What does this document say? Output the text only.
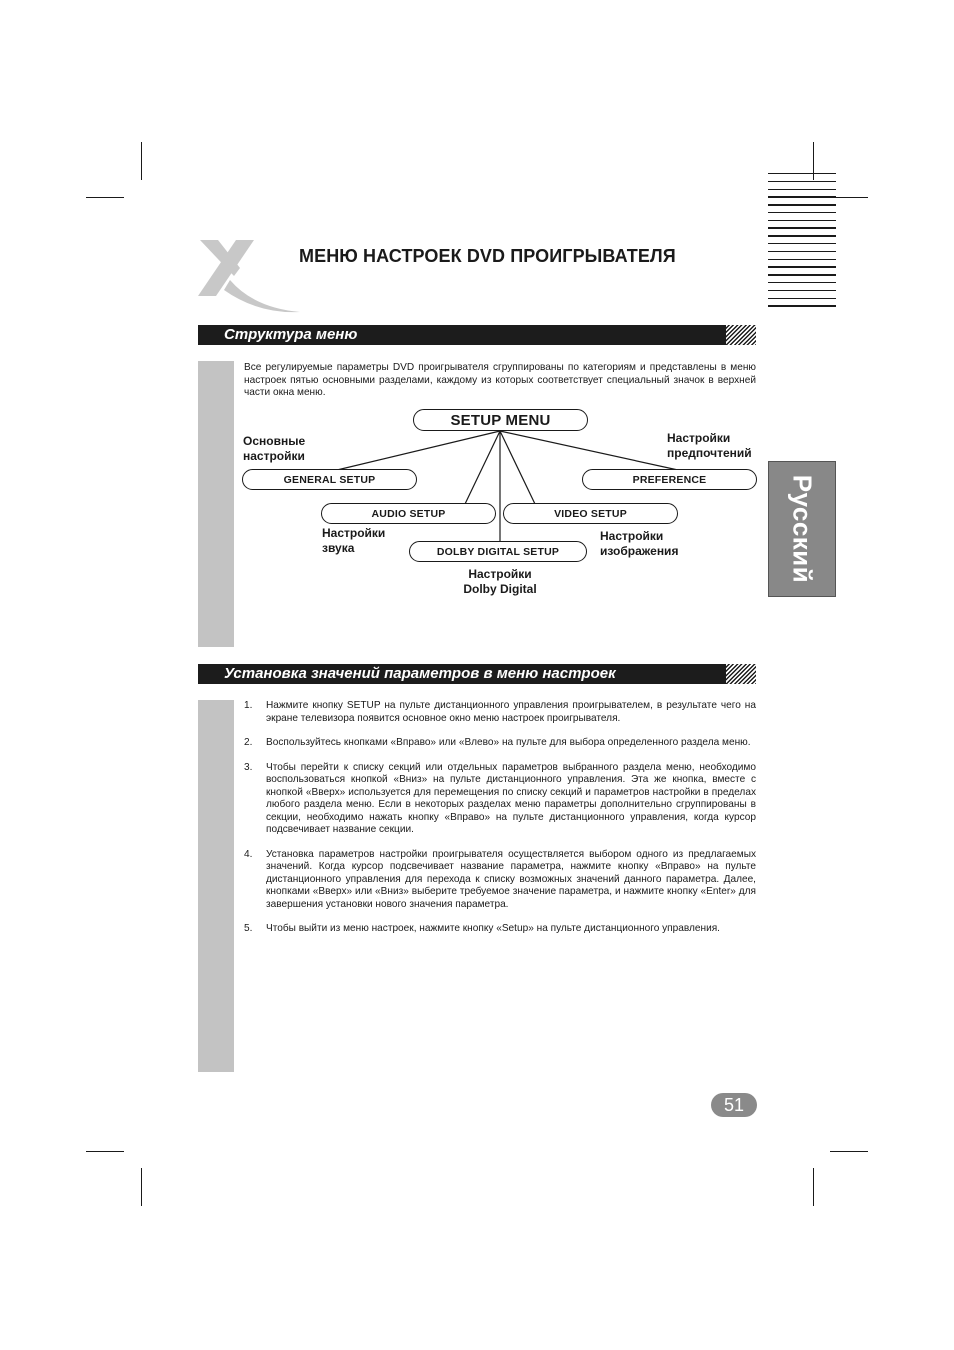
МЕНЮ НАСТРОЕК DVD ПРОИГРЫВАТЕЛЯ
Русский
Структура меню
Все регулируемые параметры DVD проигрывателя сгруппированы по категориям и представлены в меню настроек пятью основными разделами, каждому из которых соответствует специальный значок в верхней части окна меню.
SETUP MENU
GENERAL SETUP	PREFERENCE
AUDIO SETUP	VIDEO SETUP
DOLBY DIGITAL SETUP
Основные настройки
Настройки предпочтений
Настройки звука
Настройки изображения
Настройки Dolby Digital
Установка значений параметров в меню настроек
1.	Нажмите кнопку SETUP на пульте дистанционного управления проигрывателем, в результате чего на экране телевизора появится основное окно меню настроек проигрывателя.
2.	Воспользуйтесь кнопками «Вправо» или «Влево» на пульте для выбора определенного раздела меню.
3.	Чтобы перейти к списку секций или отдельных параметров выбранного раздела меню, необходимо воспользоваться кнопкой «Вниз» на пульте дистанционного управления. Эта же кнопка, вместе с кнопкой «Вверх» используется для перемещения по списку секций и параметров настройки в пределах любого раздела меню. Если в некоторых разделах меню параметры дополнительно сгруппированы в секции, необходимо нажать кнопку «Вправо» на пульте дистанционного управления, когда курсор подсвечивает название секции.
4.	Установка параметров настройки проигрывателя осуществляется выбором одного из предлагаемых значений. Когда курсор подсвечивает название параметра, нажмите кнопку «Вправо» на пульте дистанционного управления для перехода к списку возможных значений данного параметра. Далее, кнопками «Вверх» или «Вниз» выберите требуемое значение параметра, и нажмите кнопку «Enter» для завершения установки нового значения параметра.
5.	Чтобы выйти из меню настроек, нажмите кнопку «Setup» на пульте дистанционного управления.
51
